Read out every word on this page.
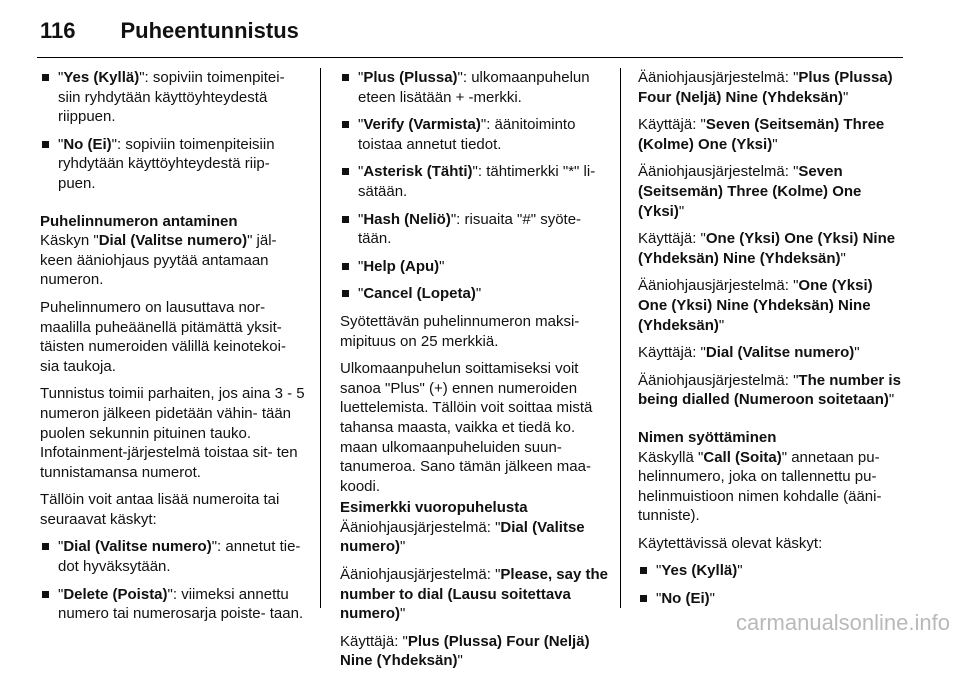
116 Puheentunnistus
"Yes (Kyllä)": sopiviin toimenpitei- siin ryhdytään käyttöyhteydestä riippuen.
"No (Ei)": sopiviin toimenpiteisiin ryhdytään käyttöyhteydestä riip- puen.
Puhelinnumeron antaminen

Käskyn "Dial (Valitse numero)" jäl- keen ääniohjaus pyytää antamaan numeron.

Puhelinnumero on lausuttava nor- maalilla puheäänellä pitämättä yksit- täisten numeroiden välillä keinotekoi- sia taukoja.

Tunnistus toimii parhaiten, jos aina 3 - 5 numeron jälkeen pidetään vähin- tään puolen sekunnin pituinen tauko. Infotainment-järjestelmä toistaa sit- ten tunnistamansa numerot.

Tällöin voit antaa lisää numeroita tai seuraavat käskyt:

"Dial (Valitse numero)": annetut tie- dot hyväksytään.
"Delete (Poista)": viimeksi annettu numero tai numerosarja poiste- taan.
"Plus (Plussa)": ulkomaanpuhelun eteen lisätään + -merkki.
"Verify (Varmista)": äänitoiminto toistaa annetut tiedot.
"Asterisk (Tähti)": tähtimerkki "*" li- sätään.
"Hash (Neliö)": risuaita "#" syöte- tään.
"Help (Apu)"
"Cancel (Lopeta)"

Syötettävän puhelinnumeron maksi- mipituus on 25 merkkiä.

Ulkomaanpuhelun soittamiseksi voit sanoa "Plus" (+) ennen numeroiden luettelemista. Tällöin voit soittaa mistä tahansa maasta, vaikka et tiedä ko. maan ulkomaanpuheluiden suun- tanumeroa. Sano tämän jälkeen maa- koodi.

Esimerkki vuoropuhelusta

Ääniohjausjärjestelmä: "Dial (Valitse numero)"

Ääniohjausjärjestelmä: "Please, say the number to dial (Lausu soitettava numero)"

Käyttäjä: "Plus (Plussa) Four (Neljä) Nine (Yhdeksän)"

Ääniohjausjärjestelmä: "Plus (Plussa) Four (Neljä) Nine (Yhdeksän)"

Käyttäjä: "Seven (Seitsemän) Three (Kolme) One (Yksi)"

Ääniohjausjärjestelmä: "Seven (Seitsemän) Three (Kolme) One (Yksi)"

Käyttäjä: "One (Yksi) One (Yksi) Nine (Yhdeksän) Nine (Yhdeksän)"

Ääniohjausjärjestelmä: "One (Yksi) One (Yksi) Nine (Yhdeksän) Nine (Yhdeksän)"

Käyttäjä: "Dial (Valitse numero)"

Ääniohjausjärjestelmä: "The number is being dialled (Numeroon soitetaan)"

Nimen syöttäminen

Käskyllä "Call (Soita)" annetaan pu- helinnumero, joka on tallennettu pu- helinmuistioon nimen kohdalle (ääni- tunniste).

Käytettävissä olevat käskyt:

"Yes (Kyllä)"
"No (Ei)"
carmanualsonline.info
